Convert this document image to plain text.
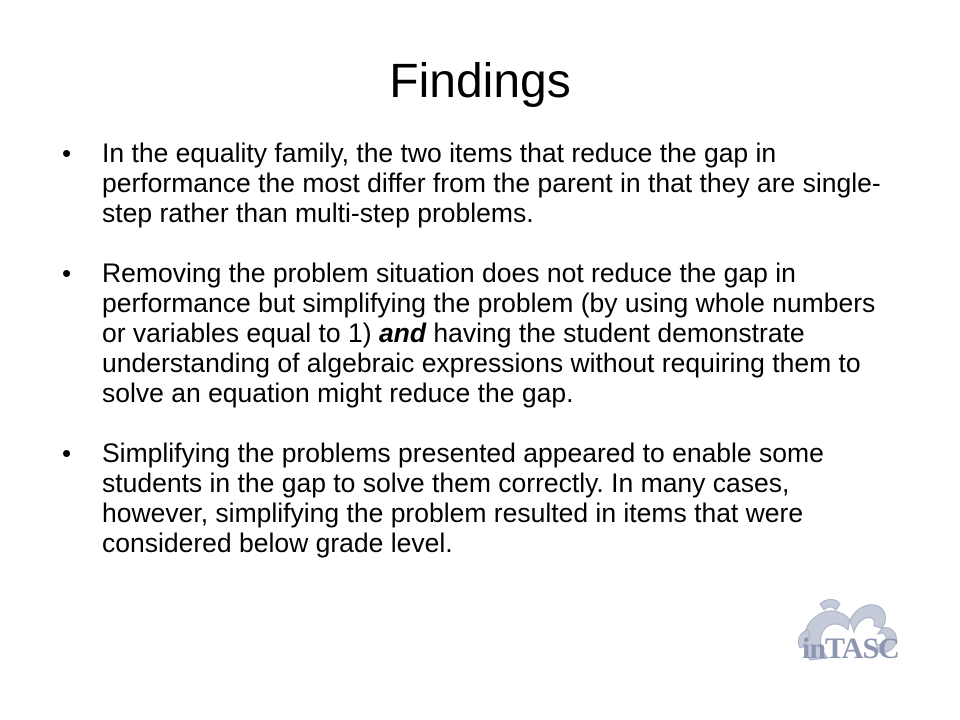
Findings
•	In the equality family, the two items that reduce the gap in performance the most differ from the parent in that they are single-step rather than multi-step problems.
•	Removing the problem situation does not reduce the gap in performance but simplifying the problem (by using whole numbers or variables equal to 1) and having the student demonstrate understanding of algebraic expressions without requiring them to solve an equation might reduce the gap.
•	Simplifying the problems presented appeared to enable some students in the gap to solve them correctly. In many cases, however, simplifying the problem resulted in items that were considered below grade level.
inTASC
